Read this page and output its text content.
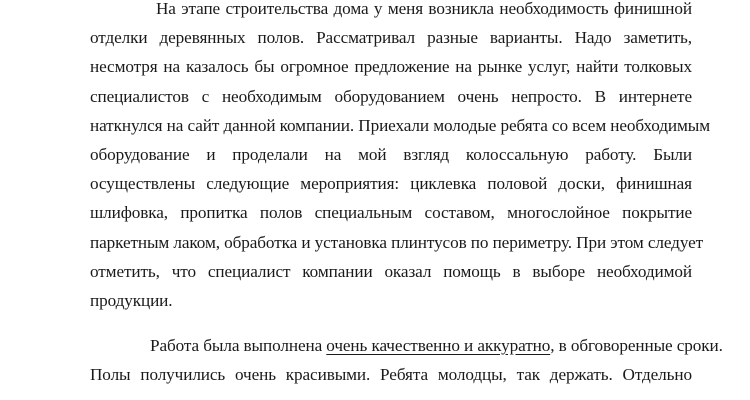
На этапе строительства дома у меня возникла необходимость финишной
отделки деревянных полов. Рассматривал разные варианты. Надо заметить,
несмотря на казалось бы огромное предложение на рынке услуг, найти толковых
специалистов с необходимым оборудованием очень непросто. В интернете
наткнулся на сайт данной компании. Приехали молодые ребята со всем необходимым
оборудование и проделали на мой взгляд колоссальную работу. Были
осуществлены следующие мероприятия: циклевка половой доски, финишная
шлифовка, пропитка полов специальным составом, многослойное покрытие
паркетным лаком, обработка и установка плинтусов по периметру. При этом следует
отметить, что специалист компании оказал помощь в выборе необходимой
продукции.
Работа была выполнена очень качественно и аккуратно, в обговоренные сроки.
Полы получились очень красивыми. Ребята молодцы, так держать. Отдельно
